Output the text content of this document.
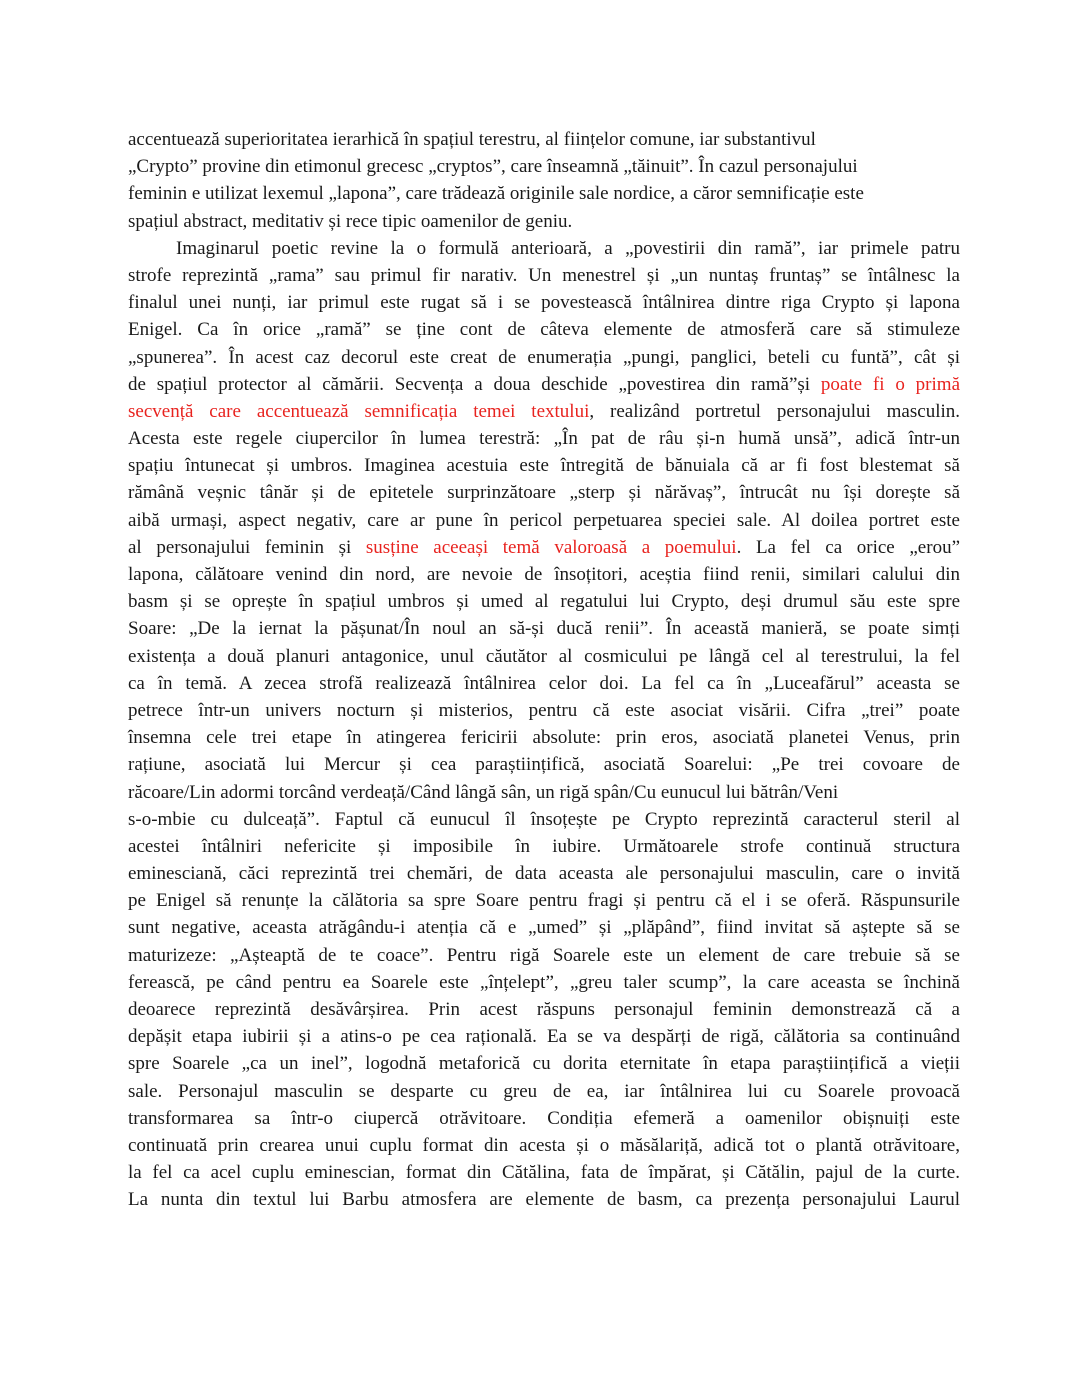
accentuează superioritatea ierarhică în spațiul terestru, al ființelor comune, iar substantivul
„Crypto” provine din etimonul grecesc „cryptos”, care înseamnă „tăinuit”. În cazul personajului
feminin e utilizat lexemul „lapona”, care trădează originile sale nordice, a căror semnificație este
spațiul abstract, meditativ și rece tipic oamenilor de geniu.
Imaginarul poetic revine la o formulă anterioară, a „povestirii din ramă”, iar primele patru
strofe reprezintă „rama” sau primul fir narativ. Un menestrel și „un nuntaș fruntaș” se întâlnesc la
finalul unei nunți, iar primul este rugat să i se povestească întâlnirea dintre riga Crypto și lapona
Enigel. Ca în orice „ramă” se ține cont de câteva elemente de atmosferă care să stimuleze
„spunerea”. În acest caz decorul este creat de enumerația „pungi, panglici, beteli cu funtă”, cât și
de spațiul protector al cămării. Secvența a doua deschide „povestirea din ramă”și poate fi o primă
secvență care accentuează semnificația temei textului, realizând portretul personajului masculin.
Acesta este regele ciupercilor în lumea terestră: „În pat de râu și-n humă unsă”, adică într-un
spațiu întunecat și umbros. Imaginea acestuia este întregită de bănuiala că ar fi fost blestemat să
rămână veșnic tânăr și de epitetele surprinzătoare „sterp și nărăvaș”, întrucât nu își dorește să
aibă urmași, aspect negativ, care ar pune în pericol perpetuarea speciei sale. Al doilea portret este
al personajului feminin și susține aceeași temă valoroasă a poemului. La fel ca orice „erou”
lapona, călătoare venind din nord, are nevoie de însoțitori, aceștia fiind renii, similari calului din
basm și se oprește în spațiul umbros și umed al regatului lui Crypto, deși drumul său este spre
Soare: „De la iernat la pășunat/În noul an să-și ducă renii”. În această manieră, se poate simți
existența a două planuri antagonice, unul căutător al cosmicului pe lângă cel al terestrului, la fel
ca în temă. A zecea strofă realizează întâlnirea celor doi. La fel ca în „Luceafărul” aceasta se
petrece într-un univers nocturn și misterios, pentru că este asociat visării. Cifra „trei” poate
însemna cele trei etape în atingerea fericirii absolute: prin eros, asociată planetei Venus, prin
rațiune, asociată lui Mercur și cea paraștiințifică, asociată Soarelui: „Pe trei covoare de
răcoare/Lin adormi torcând verdeață/Când lângă sân, un rigă spân/Cu eunucul lui bătrân/Veni
s-o-mbie cu dulceață”. Faptul că eunucul îl însoțește pe Crypto reprezintă caracterul steril al
acestei întâlniri nefericite și imposibile în iubire. Următoarele strofe continuă structura
eminesciană, căci reprezintă trei chemări, de data aceasta ale personajului masculin, care o invită
pe Enigel să renunțe la călătoria sa spre Soare pentru fragi și pentru că el i se oferă. Răspunsurile
sunt negative, aceasta atrăgându-i atenția că e „umed” și „plăpând”, fiind invitat să aștepte să se
maturizeze: „Așteaptă de te coace”. Pentru rigă Soarele este un element de care trebuie să se
ferească, pe când pentru ea Soarele este „înțelept”, „greu taler scump”, la care aceasta se închină
deoarece reprezintă desăvârșirea. Prin acest răspuns personajul feminin demonstrează că a
depășit etapa iubirii și a atins-o pe cea rațională. Ea se va despărți de rigă, călătoria sa continuând
spre Soarele „ca un inel”, logodnă metaforică cu dorita eternitate în etapa paraștiințifică a vieții
sale. Personajul masculin se desparte cu greu de ea, iar întâlnirea lui cu Soarele provoacă
transformarea sa într-o ciupercă otrăvitoare. Condiția efemeră a oamenilor obișnuiți este
continuată prin crearea unui cuplu format din acesta și o măsălariță, adică tot o plantă otrăvitoare,
la fel ca acel cuplu eminescian, format din Cătălina, fata de împărat, și Cătălin, pajul de la curte.
La nunta din textul lui Barbu atmosfera are elemente de basm, ca prezența personajului Laurul
